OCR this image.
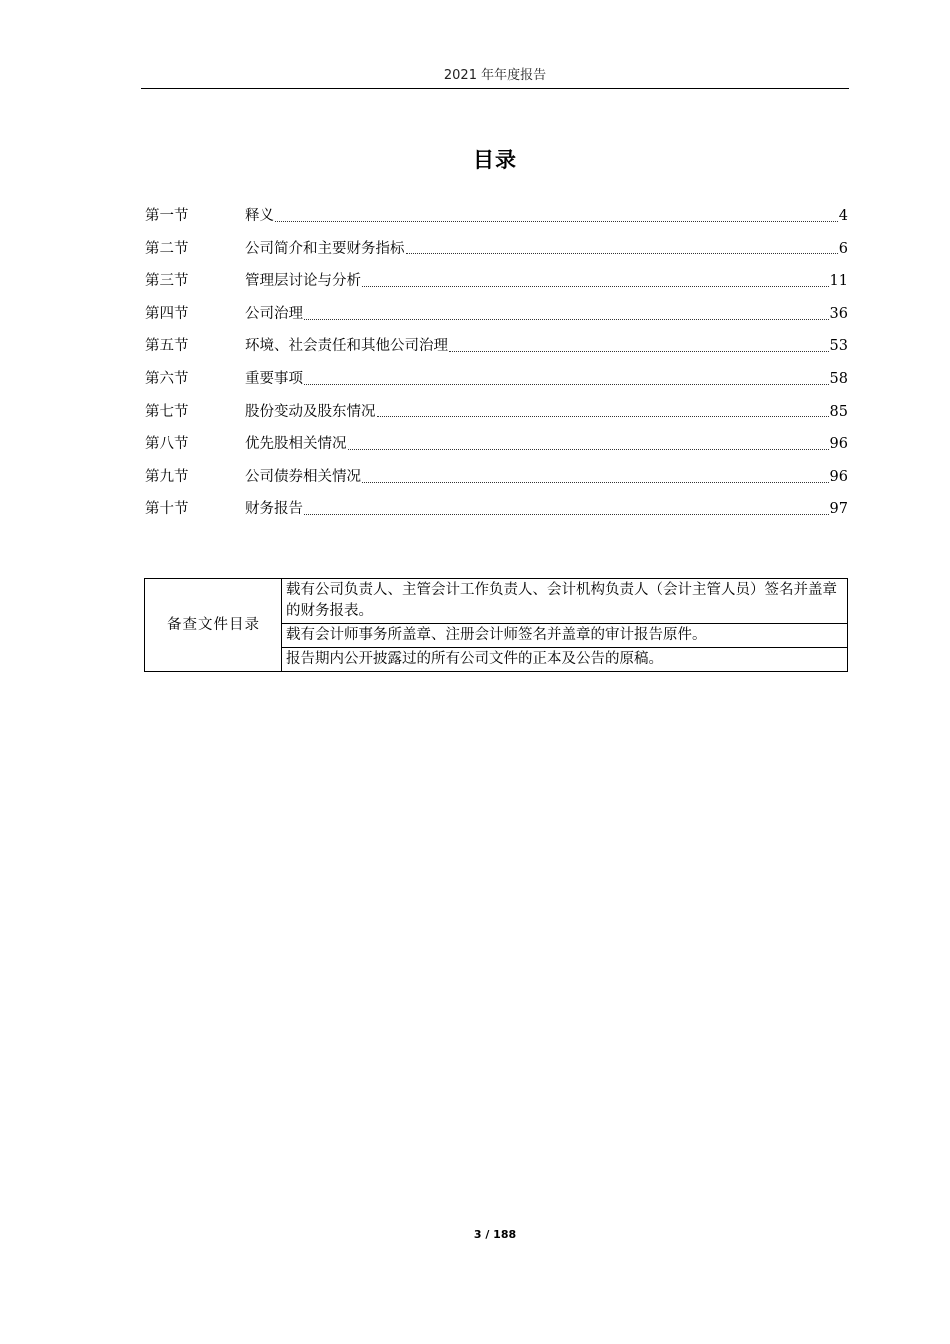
2021 年年度报告
目录
第一节	释义	4
第二节	公司简介和主要财务指标	6
第三节	管理层讨论与分析	11
第四节	公司治理	36
第五节	环境、社会责任和其他公司治理	53
第六节	重要事项	58
第七节	股份变动及股东情况	85
第八节	优先股相关情况	96
第九节	公司债券相关情况	96
第十节	财务报告	97
备查文件目录	载有公司负责人、主管会计工作负责人、会计机构负责人（会计主管人员）签名并盖章的财务报表。
载有会计师事务所盖章、注册会计师签名并盖章的审计报告原件。
报告期内公开披露过的所有公司文件的正本及公告的原稿。
3 / 188
